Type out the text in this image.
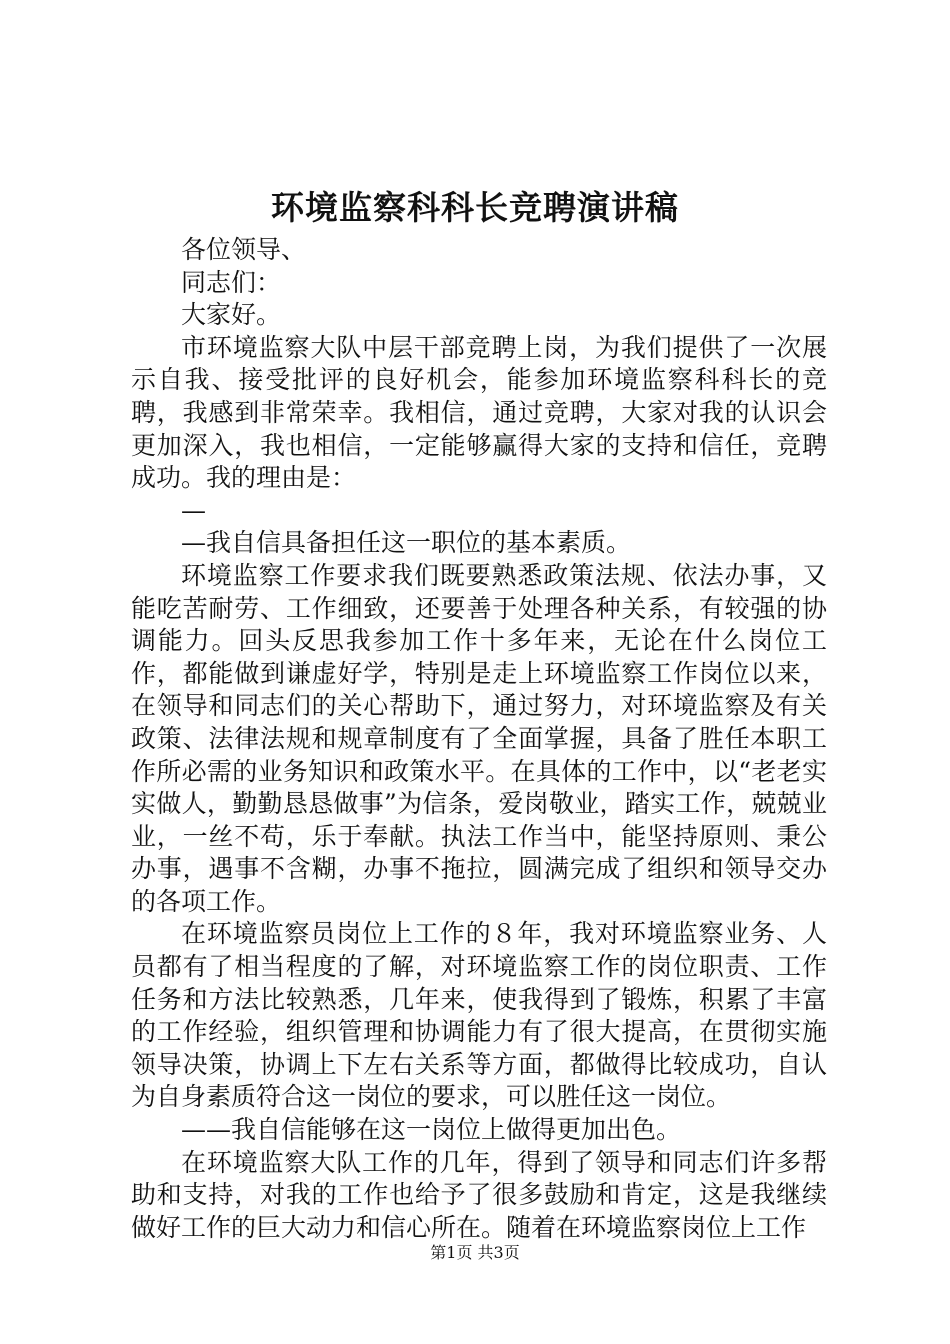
环境监察科科长竞聘演讲稿

各位领导、

同志们：

大家好。

市环境监察大队中层干部竞聘上岗，为我们提供了一次展示自我、接受批评的良好机会，能参加环境监察科科长的竞聘，我感到非常荣幸。我相信，通过竞聘，大家对我的认识会更加深入，我也相信，一定能够赢得大家的支持和信任，竞聘成功。我的理由是：

—

—我自信具备担任这一职位的基本素质。

环境监察工作要求我们既要熟悉政策法规、依法办事，又能吃苦耐劳、工作细致，还要善于处理各种关系，有较强的协调能力。回头反思我参加工作十多年来，无论在什么岗位工作，都能做到谦虚好学，特别是走上环境监察工作岗位以来，在领导和同志们的关心帮助下，通过努力，对环境监察及有关政策、法律法规和规章制度有了全面掌握，具备了胜任本职工作所必需的业务知识和政策水平。在具体的工作中，以“老老实实做人，勤勤恳恳做事”为信条，爱岗敬业，踏实工作，兢兢业业，一丝不苟，乐于奉献。执法工作当中，能坚持原则、秉公办事，遇事不含糊，办事不拖拉，圆满完成了组织和领导交办的各项工作。

在环境监察员岗位上工作的８年，我对环境监察业务、人员都有了相当程度的了解，对环境监察工作的岗位职责、工作任务和方法比较熟悉，几年来，使我得到了锻炼，积累了丰富的工作经验，组织管理和协调能力有了很大提高，在贯彻实施领导决策，协调上下左右关系等方面，都做得比较成功，自认为自身素质符合这一岗位的要求，可以胜任这一岗位。

——我自信能够在这一岗位上做得更加出色。

在环境监察大队工作的几年，得到了领导和同志们许多帮助和支持，对我的工作也给予了很多鼓励和肯定，这是我继续做好工作的巨大动力和信心所在。随着在环境监察岗位上工作

第1页 共3页
